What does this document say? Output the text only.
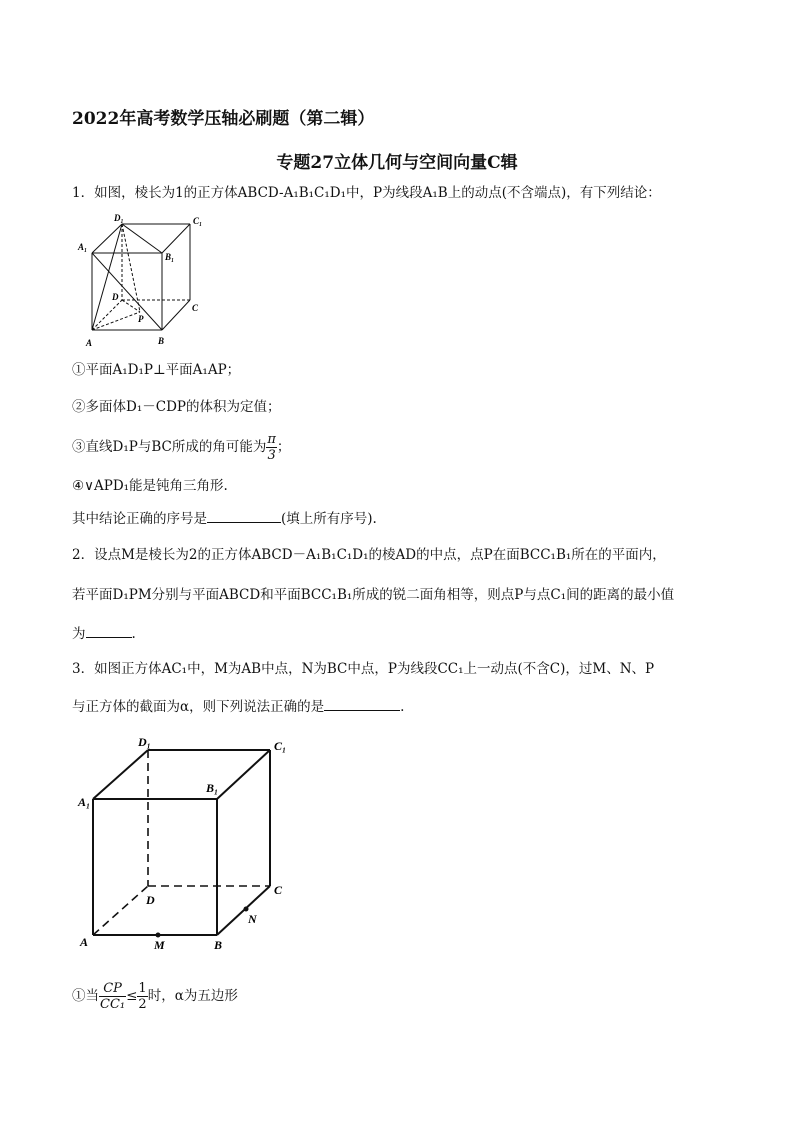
2022年高考数学压轴必刷题（第二辑）
专题27立体几何与空间向量C辑
1．如图，棱长为1的正方体ABCD-A₁B₁C₁D₁中，P为线段A₁B上的动点(不含端点)，有下列结论：
D₁	C₁
A₁
B₁
D
C
P
A	B
①平面A₁D₁P⊥平面A₁AP；
②多面体D₁－CDP的体积为定值；
③直线D₁P与BC所成的角可能为 $\frac{\pi}{3}$ ；
④∨APD₁能是钝角三角形.
其中结论正确的序号是	(填上所有序号).
2．设点M是棱长为2的正方体ABCD－A₁B₁C₁D₁的棱AD的中点，点P在面BCC₁B₁所在的平面内，
若平面D₁PM分别与平面ABCD和平面BCC₁B₁所成的锐二面角相等，则点P与点C₁间的距离的最小值
为	.
3．如图正方体AC₁中，M为AB中点，N为BC中点，P为线段CC₁上一动点(不含C)，过M、N、P
与正方体的截面为α，则下列说法正确的是	.
D₁	C₁
A₁
B₁
D
C
N
A	M	B
①当 $\frac{CP}{\text{CC₁}} \le \frac{1}{2}$ 时，α为五边形
